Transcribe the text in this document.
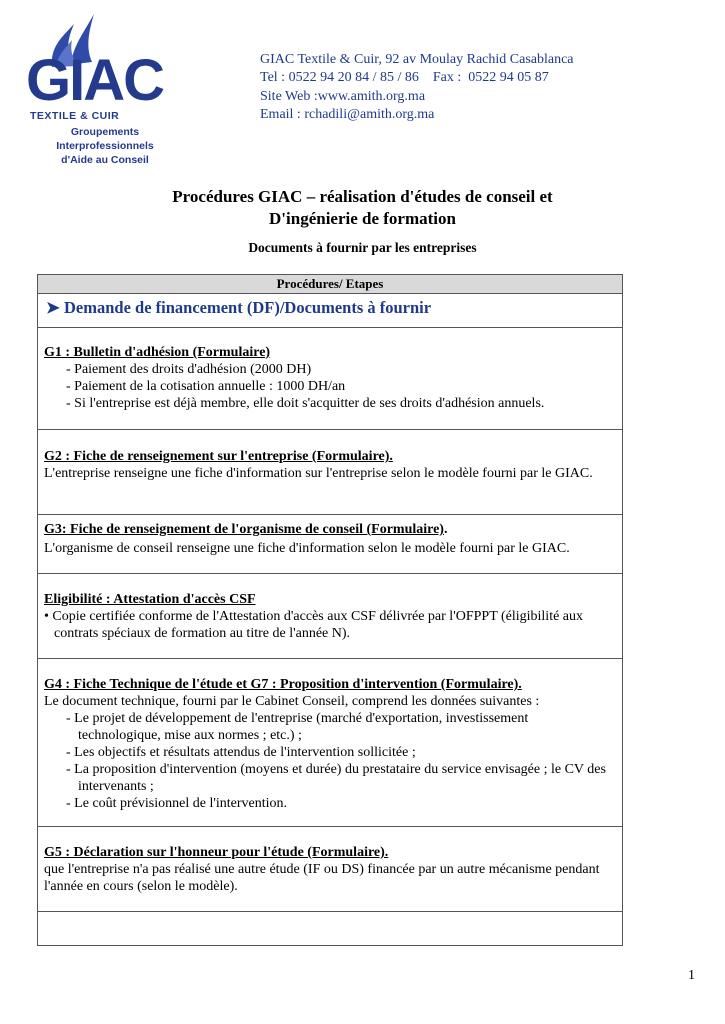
GIAC
TEXTILE & CUIR
Groupements Interprofessionnels
d'Aide au Conseil
GIAC Textile & Cuir, 92 av Moulay Rachid Casablanca
Tel : 0522 94 20 84 / 85 / 86    Fax :  0522 94 05 87
Site Web :www.amith.org.ma
Email : rchadili@amith.org.ma
Procédures GIAC – réalisation d'études de conseil et
D'ingénierie de formation
Documents à fournir par les entreprises
Procédures/ Etapes
➤ Demande de financement (DF)/Documents à fournir
G1 : Bulletin d'adhésion (Formulaire)
- Paiement des droits d'adhésion (2000 DH)
- Paiement de la cotisation annuelle : 1000 DH/an
- Si l'entreprise est déjà membre, elle doit s'acquitter de ses droits d'adhésion annuels.
G2 : Fiche de renseignement sur l'entreprise (Formulaire).
L'entreprise renseigne une fiche d'information sur l'entreprise selon le modèle fourni par le GIAC.
G3: Fiche de renseignement de l'organisme de conseil (Formulaire).
L'organisme de conseil renseigne une fiche d'information selon le modèle fourni par le GIAC.
Eligibilité : Attestation d'accès CSF
• Copie certifiée conforme de l'Attestation d'accès aux CSF délivrée par l'OFPPT (éligibilité aux contrats spéciaux de formation au titre de l'année N).
G4 : Fiche Technique de l'étude et G7 : Proposition d'intervention (Formulaire).
Le document technique, fourni par le Cabinet Conseil, comprend les données suivantes :
- Le projet de développement de l'entreprise (marché d'exportation, investissement technologique, mise aux normes ; etc.) ;
- Les objectifs et résultats attendus de l'intervention sollicitée ;
- La proposition d'intervention (moyens et durée) du prestataire du service envisagée ; le CV des intervenants ;
- Le coût prévisionnel de l'intervention.
G5 : Déclaration sur l'honneur pour l'étude (Formulaire).
que l'entreprise n'a pas réalisé une autre étude (IF ou DS) financée par un autre mécanisme pendant l'année en cours (selon le modèle).
1
